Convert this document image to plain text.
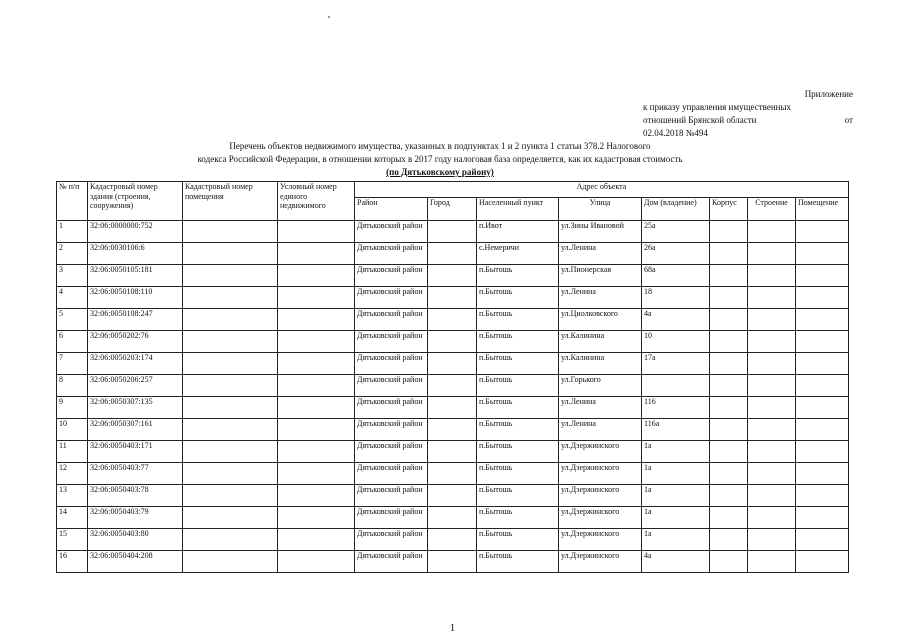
Приложение
к приказу управления имущественных
отношений Брянской области	от
02.04.2018 №494
Перечень объектов недвижимого имущества, указанных в подпунктах 1 и 2 пункта 1 статьи 378.2 Налогового
кодекса Российской Федерации, в отношении которых в 2017 году налоговая база определяется, как их кадастровая стоимость
(по Дятьковскому району)
№ п/п	Кадастровый номер здания (строения, сооружения)	Кадастровый номер помещения	Условный номер единого недвижимого	Адрес объекта							
				Район	Город	Населенный пункт	Улица	Дом (владение)	Корпус	Строение	Помещение
1	32:06:0000000:752			Дятьковский район		п.Ивот	ул.Зины Ивановой	25а			
2	32:06:0030106:6			Дятьковский район		с.Немеричи	ул.Ленина	26а			
3	32:06:0050105:181			Дятьковский район		п.Бытошь	ул.Пионерская	68а			
4	32:06:0050108:110			Дятьковский район		п.Бытошь	ул.Ленина	18			
5	32:06:0050108:247			Дятьковский район		п.Бытошь	ул.Циолковского	4а			
6	32:06:0050202:76			Дятьковский район		п.Бытошь	ул.Калинина	10			
7	32:06:0050203:174			Дятьковский район		п.Бытошь	ул.Калинина	17а			
8	32:06:0050206:257			Дятьковский район		п.Бытошь	ул.Горького				
9	32:06:0050307:135			Дятьковский район		п.Бытошь	ул.Ленина	116			
10	32:06:0050307:161			Дятьковский район		п.Бытошь	ул.Ленина	116а			
11	32:06:0050403:171			Дятьковский район		п.Бытошь	ул.Дзержинского	1а			
12	32:06:0050403:77			Дятьковский район		п.Бытошь	ул.Дзержинского	1а			
13	32:06:0050403:78			Дятьковский район		п.Бытошь	ул.Дзержинского	1а			
14	32:06:0050403:79			Дятьковский район		п.Бытошь	ул.Дзержинского	1а			
15	32:06:0050403:80			Дятьковский район		п.Бытошь	ул.Дзержинского	1а			
16	32:06:0050404:208			Дятьковский район		п.Бытошь	ул.Дзержинского	4а			
1
